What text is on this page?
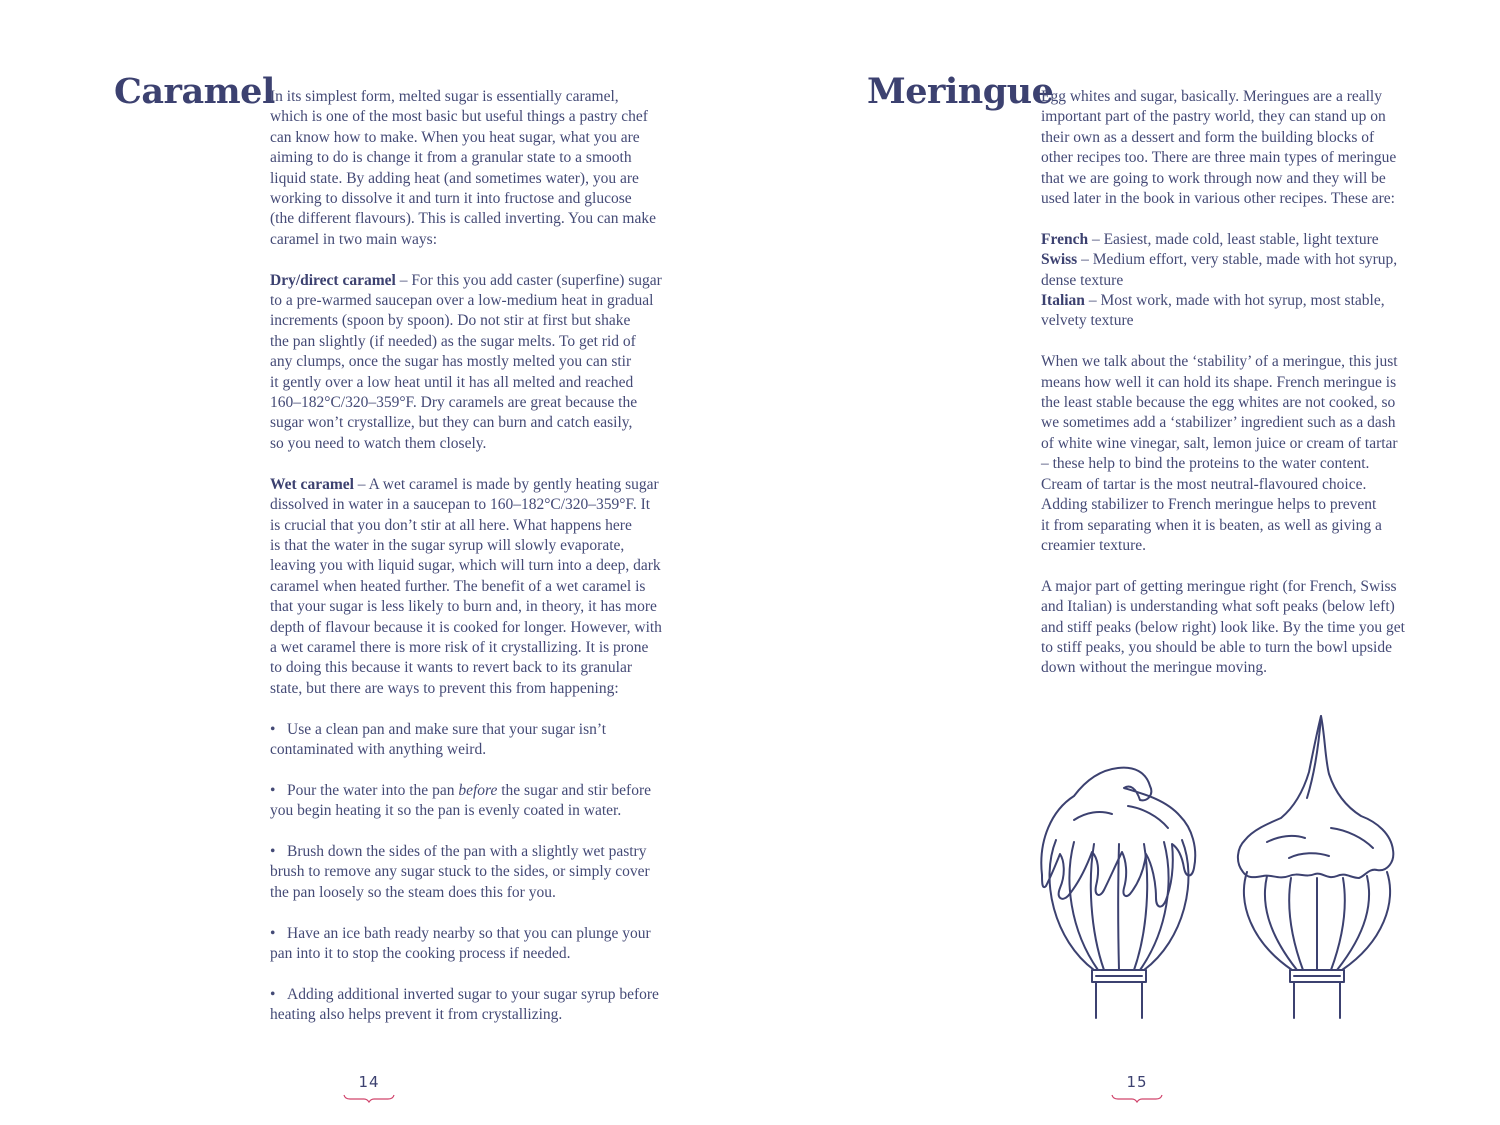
Caramel

In its simplest form, melted sugar is essentially caramel,
which is one of the most basic but useful things a pastry chef
can know how to make. When you heat sugar, what you are
aiming to do is change it from a granular state to a smooth
liquid state. By adding heat (and sometimes water), you are
working to dissolve it and turn it into fructose and glucose
(the different flavours). This is called inverting. You can make
caramel in two main ways:

Dry/direct caramel – For this you add caster (superfine) sugar
to a pre-warmed saucepan over a low-medium heat in gradual
increments (spoon by spoon). Do not stir at first but shake
the pan slightly (if needed) as the sugar melts. To get rid of
any clumps, once the sugar has mostly melted you can stir
it gently over a low heat until it has all melted and reached
160–182°C/320–359°F. Dry caramels are great because the
sugar won’t crystallize, but they can burn and catch easily,
so you need to watch them closely.

Wet caramel – A wet caramel is made by gently heating sugar
dissolved in water in a saucepan to 160–182°C/320–359°F. It
is crucial that you don’t stir at all here. What happens here
is that the water in the sugar syrup will slowly evaporate,
leaving you with liquid sugar, which will turn into a deep, dark
caramel when heated further. The benefit of a wet caramel is
that your sugar is less likely to burn and, in theory, it has more
depth of flavour because it is cooked for longer. However, with
a wet caramel there is more risk of it crystallizing. It is prone
to doing this because it wants to revert back to its granular
state, but there are ways to prevent this from happening:

• Use a clean pan and make sure that your sugar isn’t
contaminated with anything weird.

• Pour the water into the pan before the sugar and stir before
you begin heating it so the pan is evenly coated in water.

• Brush down the sides of the pan with a slightly wet pastry
brush to remove any sugar stuck to the sides, or simply cover
the pan loosely so the steam does this for you.

• Have an ice bath ready nearby so that you can plunge your
pan into it to stop the cooking process if needed.

• Adding additional inverted sugar to your sugar syrup before
heating also helps prevent it from crystallizing.

14
Meringue

Egg whites and sugar, basically. Meringues are a really
important part of the pastry world, they can stand up on
their own as a dessert and form the building blocks of
other recipes too. There are three main types of meringue
that we are going to work through now and they will be
used later in the book in various other recipes. These are:

French – Easiest, made cold, least stable, light texture
Swiss – Medium effort, very stable, made with hot syrup,
dense texture
Italian – Most work, made with hot syrup, most stable,
velvety texture

When we talk about the ‘stability’ of a meringue, this just
means how well it can hold its shape. French meringue is
the least stable because the egg whites are not cooked, so
we sometimes add a ‘stabilizer’ ingredient such as a dash
of white wine vinegar, salt, lemon juice or cream of tartar
– these help to bind the proteins to the water content.
Cream of tartar is the most neutral-flavoured choice.
Adding stabilizer to French meringue helps to prevent
it from separating when it is beaten, as well as giving a
creamier texture.

A major part of getting meringue right (for French, Swiss
and Italian) is understanding what soft peaks (below left)
and stiff peaks (below right) look like. By the time you get
to stiff peaks, you should be able to turn the bowl upside
down without the meringue moving.

15
